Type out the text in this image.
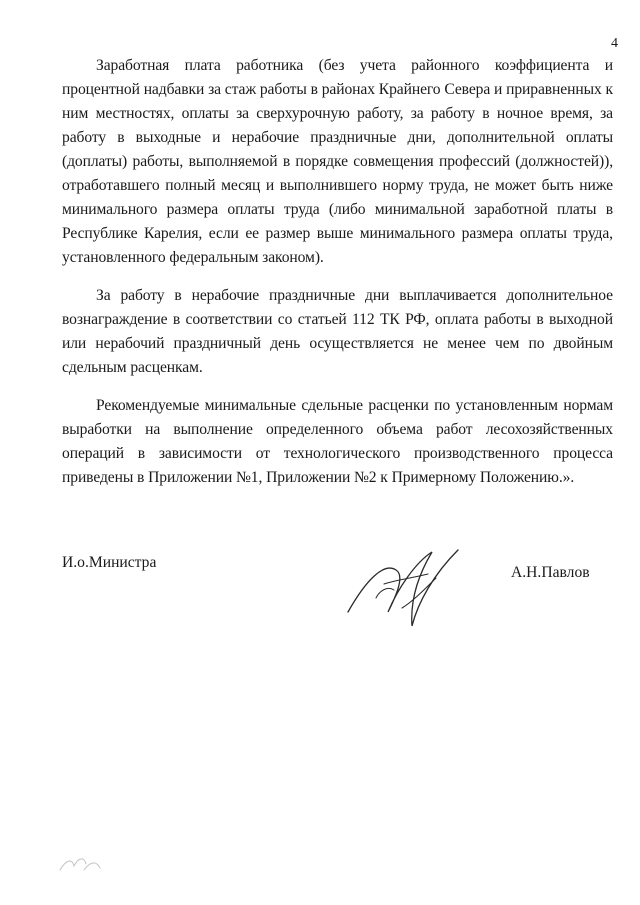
4

Заработная плата работника (без учета районного коэффициента и процентной надбавки за стаж работы в районах Крайнего Севера и приравненных к ним местностях, оплаты за сверхурочную работу, за работу в ночное время, за работу в выходные и нерабочие праздничные дни, дополнительной оплаты (доплаты) работы, выполняемой в порядке совмещения профессий (должностей)), отработавшего полный месяц и выполнившего норму труда, не может быть ниже минимального размера оплаты труда (либо минимальной заработной платы в Республике Карелия, если ее размер выше минимального размера оплаты труда, установленного федеральным законом).

За работу в нерабочие праздничные дни выплачивается дополнительное вознаграждение в соответствии со статьей 112 ТК РФ, оплата работы в выходной или нерабочий праздничный день осуществляется не менее чем по двойным сдельным расценкам.

Рекомендуемые минимальные сдельные расценки по установленным нормам выработки на выполнение определенного объема работ лесохозяйственных операций в зависимости от технологического производственного процесса приведены в Приложении №1, Приложении №2 к Примерному Положению.».

И.о.Министра
А.Н.Павлов
